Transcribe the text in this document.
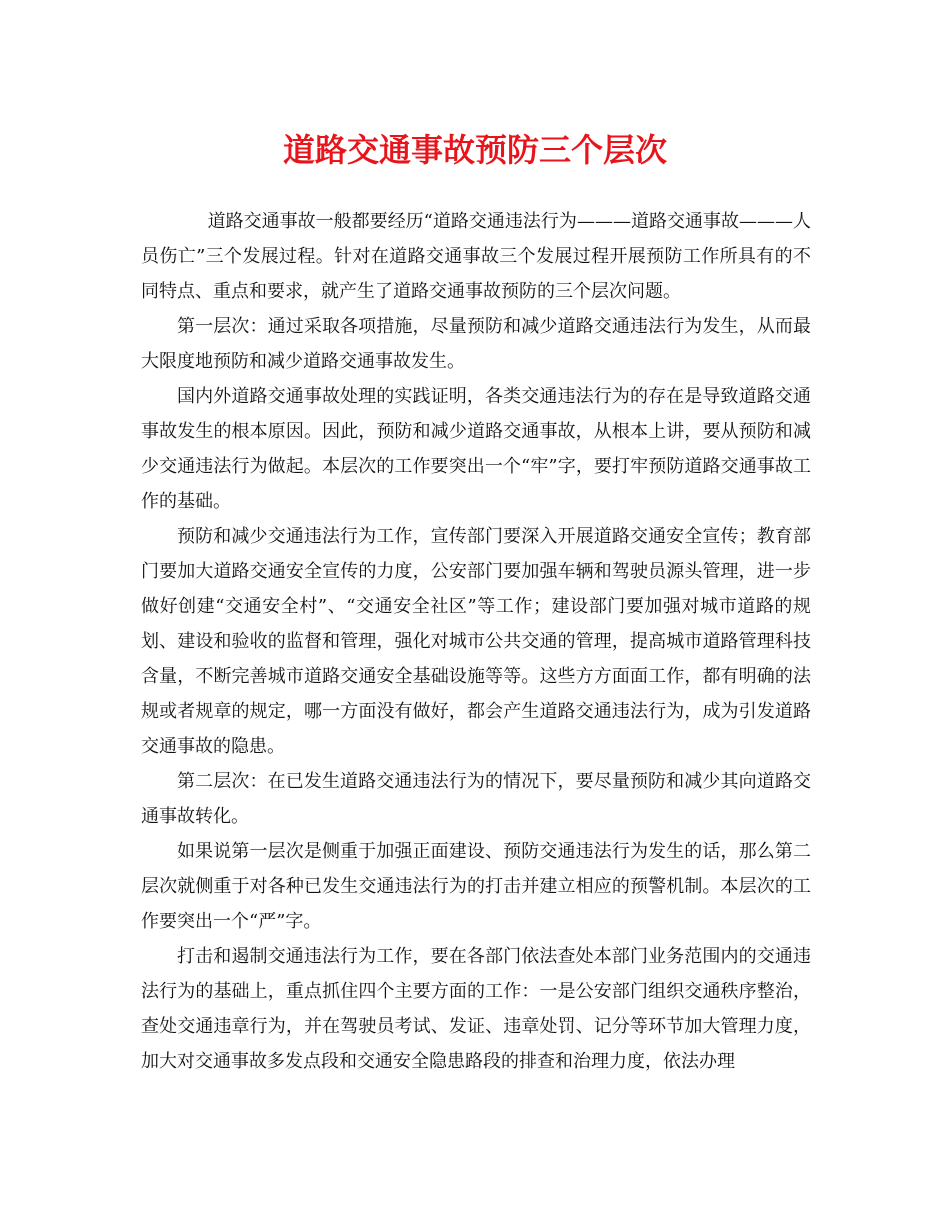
道路交通事故预防三个层次

道路交通事故一般都要经历“道路交通违法行为———道路交通事故———人员伤亡”三个发展过程。针对在道路交通事故三个发展过程开展预防工作所具有的不同特点、重点和要求，就产生了道路交通事故预防的三个层次问题。

第一层次：通过采取各项措施，尽量预防和减少道路交通违法行为发生，从而最大限度地预防和减少道路交通事故发生。

国内外道路交通事故处理的实践证明，各类交通违法行为的存在是导致道路交通事故发生的根本原因。因此，预防和减少道路交通事故，从根本上讲，要从预防和减少交通违法行为做起。本层次的工作要突出一个“牢”字，要打牢预防道路交通事故工作的基础。

预防和减少交通违法行为工作，宣传部门要深入开展道路交通安全宣传；教育部门要加大道路交通安全宣传的力度，公安部门要加强车辆和驾驶员源头管理，进一步做好创建“交通安全村”、“交通安全社区”等工作；建设部门要加强对城市道路的规划、建设和验收的监督和管理，强化对城市公共交通的管理，提高城市道路管理科技含量，不断完善城市道路交通安全基础设施等等。这些方方面面工作，都有明确的法规或者规章的规定，哪一方面没有做好，都会产生道路交通违法行为，成为引发道路交通事故的隐患。

第二层次：在已发生道路交通违法行为的情况下，要尽量预防和减少其向道路交通事故转化。

如果说第一层次是侧重于加强正面建设、预防交通违法行为发生的话，那么第二层次就侧重于对各种已发生交通违法行为的打击并建立相应的预警机制。本层次的工作要突出一个“严”字。

打击和遏制交通违法行为工作，要在各部门依法查处本部门业务范围内的交通违法行为的基础上，重点抓住四个主要方面的工作：一是公安部门组织交通秩序整治，查处交通违章行为，并在驾驶员考试、发证、违章处罚、记分等环节加大管理力度，加大对交通事故多发点段和交通安全隐患路段的排查和治理力度，依法办理
